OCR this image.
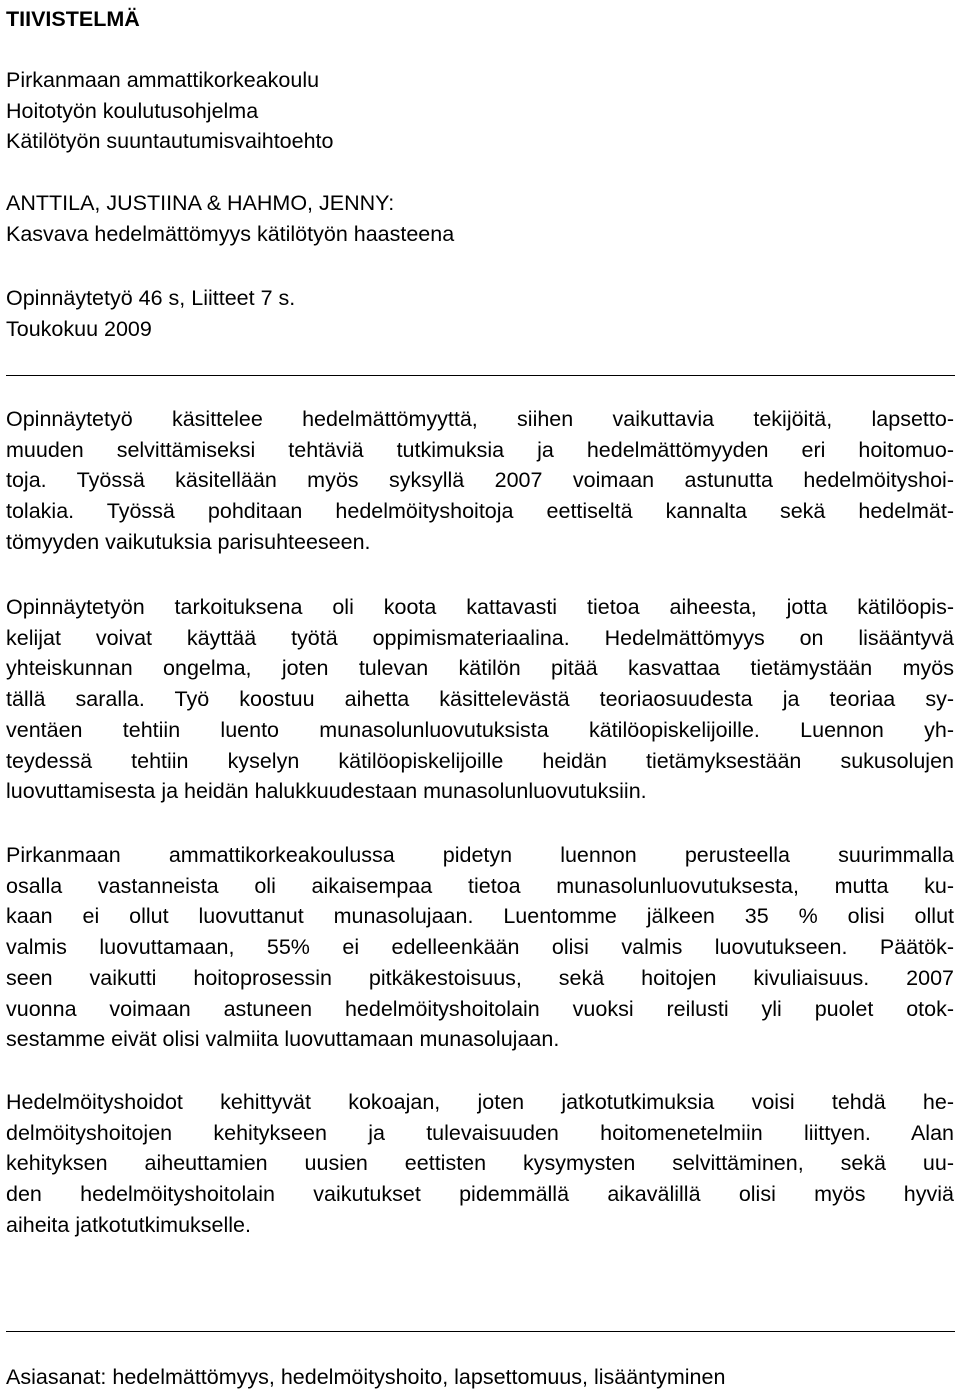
TIIVISTELMÄ

Pirkanmaan ammattikorkeakoulu

Hoitotyön koulutusohjelma

Kätilötyön suuntautumisvaihtoehto

ANTTILA, JUSTIINA & HAHMO, JENNY:

Kasvava hedelmättömyys kätilötyön haasteena

Opinnäytetyö 46 s, Liitteet 7 s.

Toukokuu 2009

Opinnäytetyö käsittelee hedelmättömyyttä, siihen vaikuttavia tekijöitä, lapsetto-

muuden selvittämiseksi tehtäviä tutkimuksia ja hedelmättömyyden eri hoitomuo-

toja. Työssä käsitellään myös syksyllä 2007 voimaan astunutta hedelmöityshoi-

tolakia. Työssä pohditaan hedelmöityshoitoja eettiseltä kannalta sekä hedelmät-

tömyyden vaikutuksia parisuhteeseen.

Opinnäytetyön tarkoituksena oli koota kattavasti tietoa aiheesta, jotta kätilöopis-

kelijat voivat käyttää työtä oppimismateriaalina. Hedelmättömyys on lisääntyvä

yhteiskunnan ongelma, joten tulevan kätilön pitää kasvattaa tietämystään myös

tällä saralla. Työ koostuu aihetta käsittelevästä teoriaosuudesta ja teoriaa sy-

ventäen tehtiin luento munasolunluovutuksista kätilöopiskelijoille. Luennon yh-

teydessä tehtiin kyselyn kätilöopiskelijoille heidän tietämyksestään sukusolujen

luovuttamisesta ja heidän halukkuudestaan munasolunluovutuksiin.

Pirkanmaan ammattikorkeakoulussa pidetyn luennon perusteella suurimmalla

osalla vastanneista oli aikaisempaa tietoa munasolunluovutuksesta, mutta ku-

kaan ei ollut luovuttanut munasolujaan. Luentomme jälkeen 35 % olisi ollut

valmis luovuttamaan, 55% ei edelleenkään olisi valmis luovutukseen. Päätök-

seen vaikutti hoitoprosessin pitkäkestoisuus, sekä hoitojen kivuliaisuus. 2007

vuonna voimaan astuneen hedelmöityshoitolain vuoksi reilusti yli puolet otok-

sestamme eivät olisi valmiita luovuttamaan munasolujaan.

Hedelmöityshoidot kehittyvät kokoajan, joten jatkotutkimuksia voisi tehdä he-

delmöityshoitojen kehitykseen ja tulevaisuuden hoitomenetelmiin liittyen. Alan

kehityksen aiheuttamien uusien eettisten kysymysten selvittäminen, sekä uu-

den hedelmöityshoitolain vaikutukset pidemmällä aikavälillä olisi myös hyviä

aiheita jatkotutkimukselle.

Asiasanat: hedelmättömyys, hedelmöityshoito, lapsettomuus, lisääntyminen
